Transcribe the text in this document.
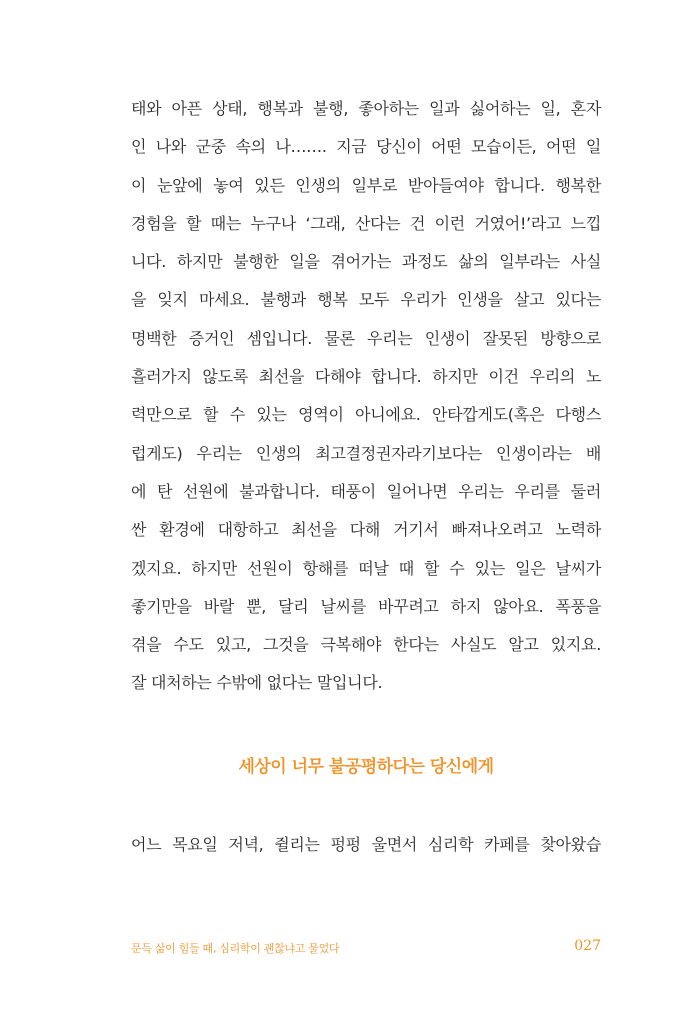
태와 아픈 상태, 행복과 불행, 좋아하는 일과 싫어하는 일, 혼자
인 나와 군중 속의 나……. 지금 당신이 어떤 모습이든, 어떤 일
이 눈앞에 놓여 있든 인생의 일부로 받아들여야 합니다. 행복한
경험을 할 때는 누구나 ‘그래, 산다는 건 이런 거였어!’라고 느낍
니다. 하지만 불행한 일을 겪어가는 과정도 삶의 일부라는 사실
을 잊지 마세요. 불행과 행복 모두 우리가 인생을 살고 있다는
명백한 증거인 셈입니다. 물론 우리는 인생이 잘못된 방향으로
흘러가지 않도록 최선을 다해야 합니다. 하지만 이건 우리의 노
력만으로 할 수 있는 영역이 아니에요. 안타깝게도(혹은 다행스
럽게도) 우리는 인생의 최고결정권자라기보다는 인생이라는 배
에 탄 선원에 불과합니다. 태풍이 일어나면 우리는 우리를 둘러
싼 환경에 대항하고 최선을 다해 거기서 빠져나오려고 노력하
겠지요. 하지만 선원이 항해를 떠날 때 할 수 있는 일은 날씨가
좋기만을 바랄 뿐, 달리 날씨를 바꾸려고 하지 않아요. 폭풍을
겪을 수도 있고, 그것을 극복해야 한다는 사실도 알고 있지요.
잘 대처하는 수밖에 없다는 말입니다.
세상이 너무 불공평하다는 당신에게
어느 목요일 저녁, 쥘리는 펑펑 울면서 심리학 카페를 찾아왔습
문득 삶이 힘들 때, 심리학이 괜찮냐고 물었다	027
